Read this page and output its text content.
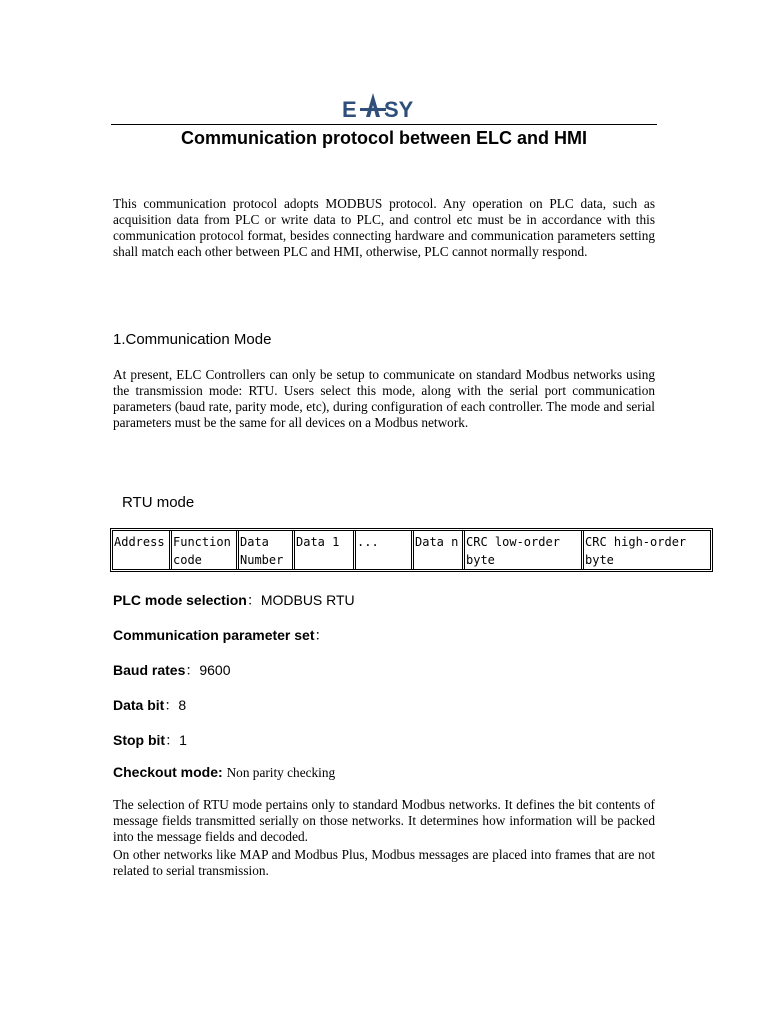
E SY
Communication protocol between ELC and HMI

This communication protocol adopts MODBUS protocol. Any operation on PLC data, such as acquisition data from PLC or write data to PLC, and control etc must be in accordance with this communication protocol format, besides connecting hardware and communication parameters setting shall match each other between PLC and HMI, otherwise, PLC cannot normally respond.

1.Communication Mode

At present, ELC Controllers can only be setup to communicate on standard Modbus networks using the transmission mode: RTU. Users select this mode, along with the serial port communication parameters (baud rate, parity mode, etc), during configuration of each controller. The mode and serial parameters must be the same for all devices on a Modbus network.

RTU mode
Address Function
code
Data
Number
Data 1	...	Data n CRC low-order
byte
CRC high-order
byte

PLC mode selection：MODBUS RTU

Communication parameter set：

Baud rates：9600

Data bit：8

Stop bit：1

Checkout mode: Non parity checking

The selection of RTU mode pertains only to standard Modbus networks. It defines the bit contents of message fields transmitted serially on those networks. It determines how information will be packed into the message fields and decoded.

On other networks like MAP and Modbus Plus, Modbus messages are placed into frames that are not related to serial transmission.
